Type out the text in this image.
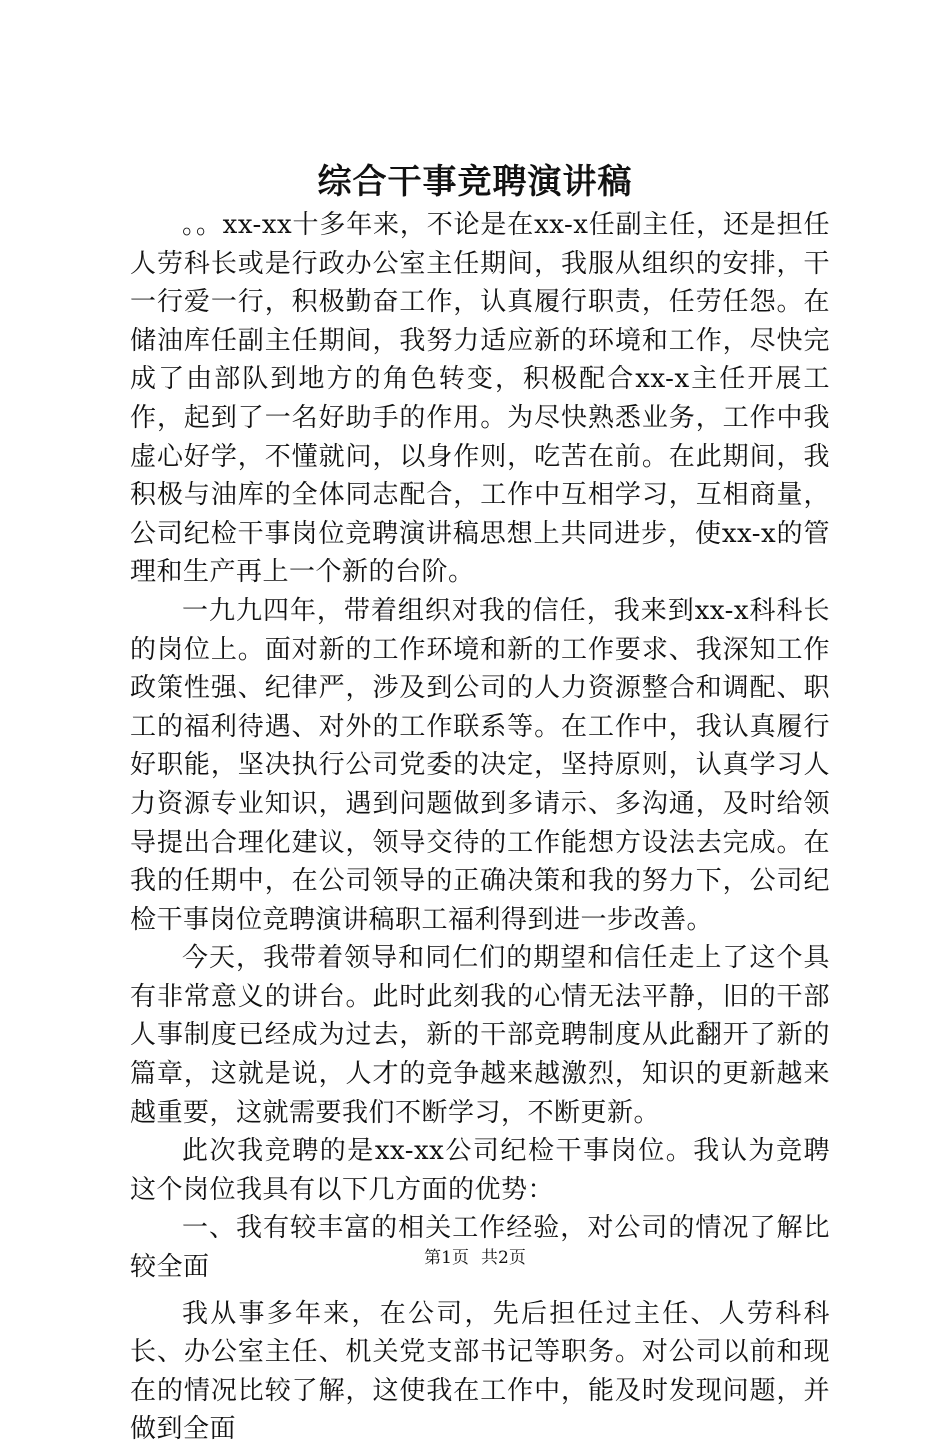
综合干事竞聘演讲稿

。。xx-xx十多年来，不论是在xx-x任副主任，还是担任人劳科长或是行政办公室主任期间，我服从组织的安排，干一行爱一行，积极勤奋工作，认真履行职责，任劳任怨。在储油库任副主任期间，我努力适应新的环境和工作，尽快完成了由部队到地方的角色转变，积极配合xx-x主任开展工作，起到了一名好助手的作用。为尽快熟悉业务，工作中我虚心好学，不懂就问，以身作则，吃苦在前。在此期间，我积极与油库的全体同志配合，工作中互相学习，互相商量，公司纪检干事岗位竞聘演讲稿思想上共同进步，使xx-x的管理和生产再上一个新的台阶。

一九九四年，带着组织对我的信任，我来到xx-x科科长的岗位上。面对新的工作环境和新的工作要求、我深知工作政策性强、纪律严，涉及到公司的人力资源整合和调配、职工的福利待遇、对外的工作联系等。在工作中，我认真履行好职能，坚决执行公司党委的决定，坚持原则，认真学习人力资源专业知识，遇到问题做到多请示、多沟通，及时给领导提出合理化建议，领导交待的工作能想方设法去完成。在我的任期中，在公司领导的正确决策和我的努力下，公司纪检干事岗位竞聘演讲稿职工福利得到进一步改善。

今天，我带着领导和同仁们的期望和信任走上了这个具有非常意义的讲台。此时此刻我的心情无法平静，旧的干部人事制度已经成为过去，新的干部竞聘制度从此翻开了新的篇章，这就是说，人才的竞争越来越激烈，知识的更新越来越重要，这就需要我们不断学习，不断更新。

此次我竞聘的是xx-xx公司纪检干事岗位。我认为竞聘这个岗位我具有以下几方面的优势：

一、我有较丰富的相关工作经验，对公司的情况了解比较全面

我从事多年来，在公司，先后担任过主任、人劳科科长、办公室主任、机关党支部书记等职务。对公司以前和现在的情况比较了解，这使我在工作中，能及时发现问题，并做到全面

第1页 共2页
